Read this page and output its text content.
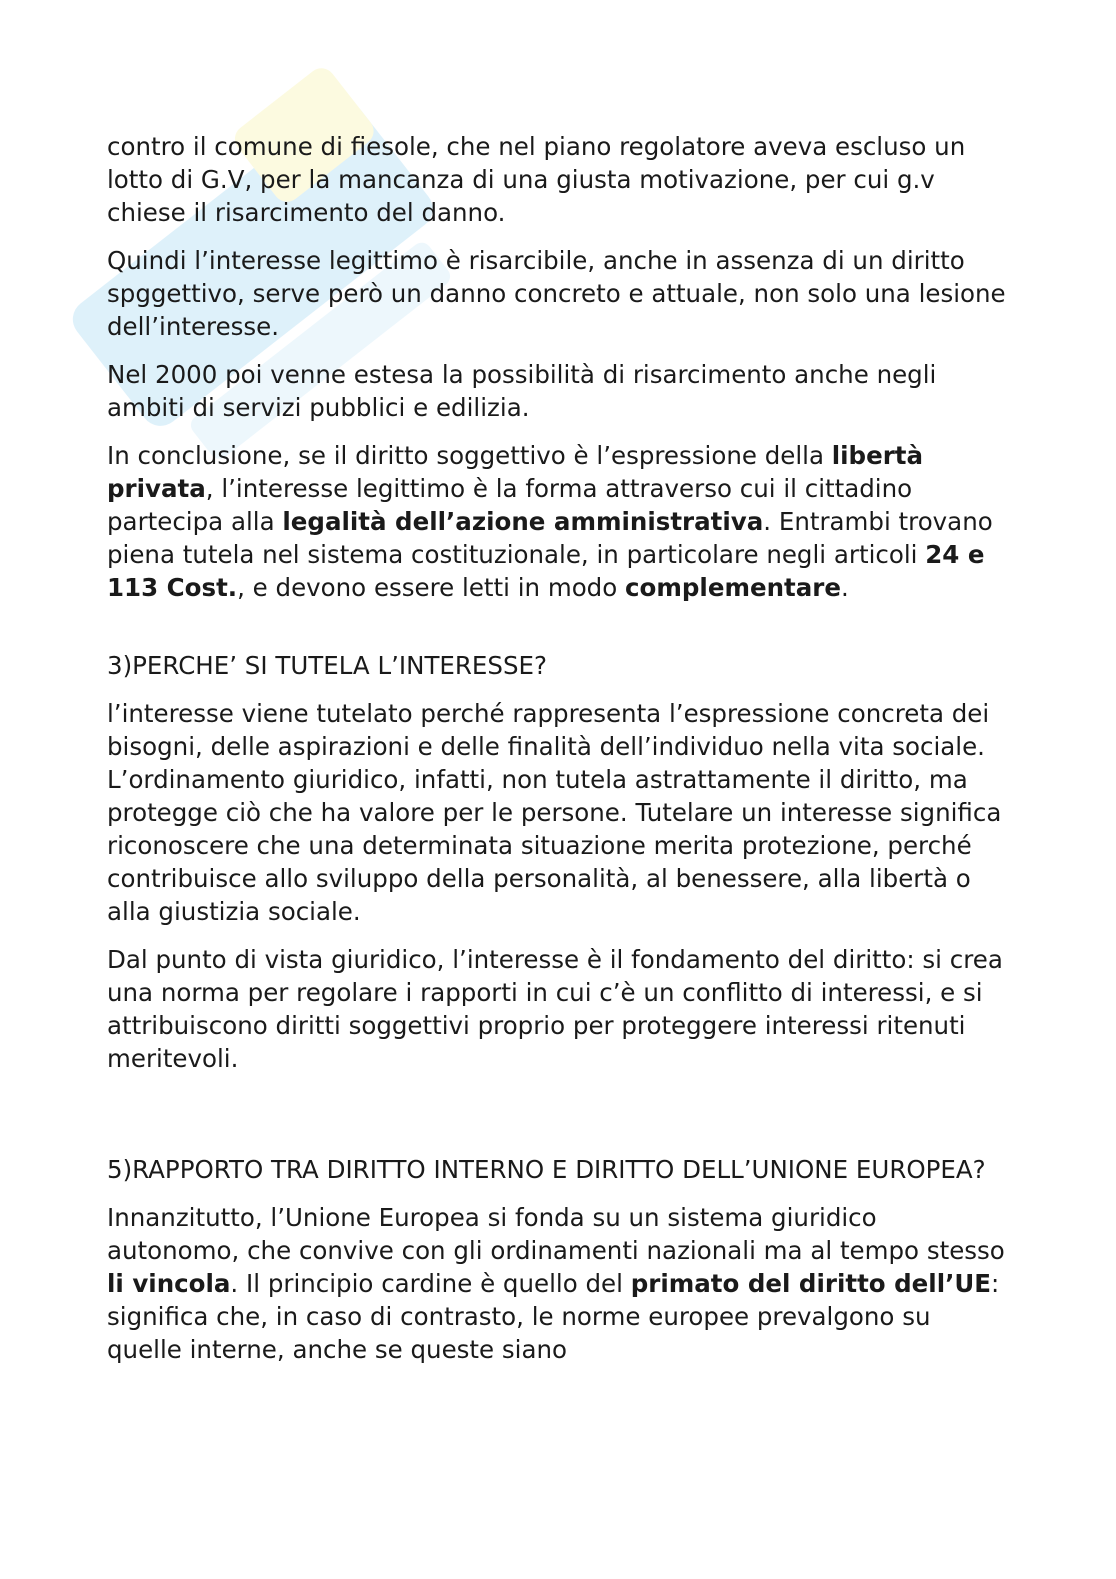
contro il comune di fiesole, che nel piano regolatore aveva escluso un lotto di G.V, per la mancanza di una giusta motivazione, per cui g.v chiese il risarcimento del danno.

Quindi l’interesse legittimo è risarcibile, anche in assenza di un diritto spggettivo, serve però un danno concreto e attuale, non solo una lesione dell’interesse.

Nel 2000 poi venne estesa la possibilità di risarcimento anche negli ambiti di servizi pubblici e edilizia.

In conclusione, se il diritto soggettivo è l’espressione della libertà privata, l’interesse legittimo è la forma attraverso cui il cittadino partecipa alla legalità dell’azione amministrativa. Entrambi trovano piena tutela nel sistema costituzionale, in particolare negli articoli 24 e 113 Cost., e devono essere letti in modo complementare.

3)PERCHE’ SI TUTELA L’INTERESSE?

l’interesse viene tutelato perché rappresenta l’espressione concreta dei bisogni, delle aspirazioni e delle finalità dell’individuo nella vita sociale. L’ordinamento giuridico, infatti, non tutela astrattamente il diritto, ma protegge ciò che ha valore per le persone. Tutelare un interesse significa riconoscere che una determinata situazione merita protezione, perché contribuisce allo sviluppo della personalità, al benessere, alla libertà o alla giustizia sociale.

Dal punto di vista giuridico, l’interesse è il fondamento del diritto: si crea una norma per regolare i rapporti in cui c’è un conflitto di interessi, e si attribuiscono diritti soggettivi proprio per proteggere interessi ritenuti meritevoli.

5)RAPPORTO TRA DIRITTO INTERNO E DIRITTO DELL’UNIONE EUROPEA?

Innanzitutto, l’Unione Europea si fonda su un sistema giuridico autonomo, che convive con gli ordinamenti nazionali ma al tempo stesso li vincola. Il principio cardine è quello del primato del diritto dell’UE: significa che, in caso di contrasto, le norme europee prevalgono su quelle interne, anche se queste siano
